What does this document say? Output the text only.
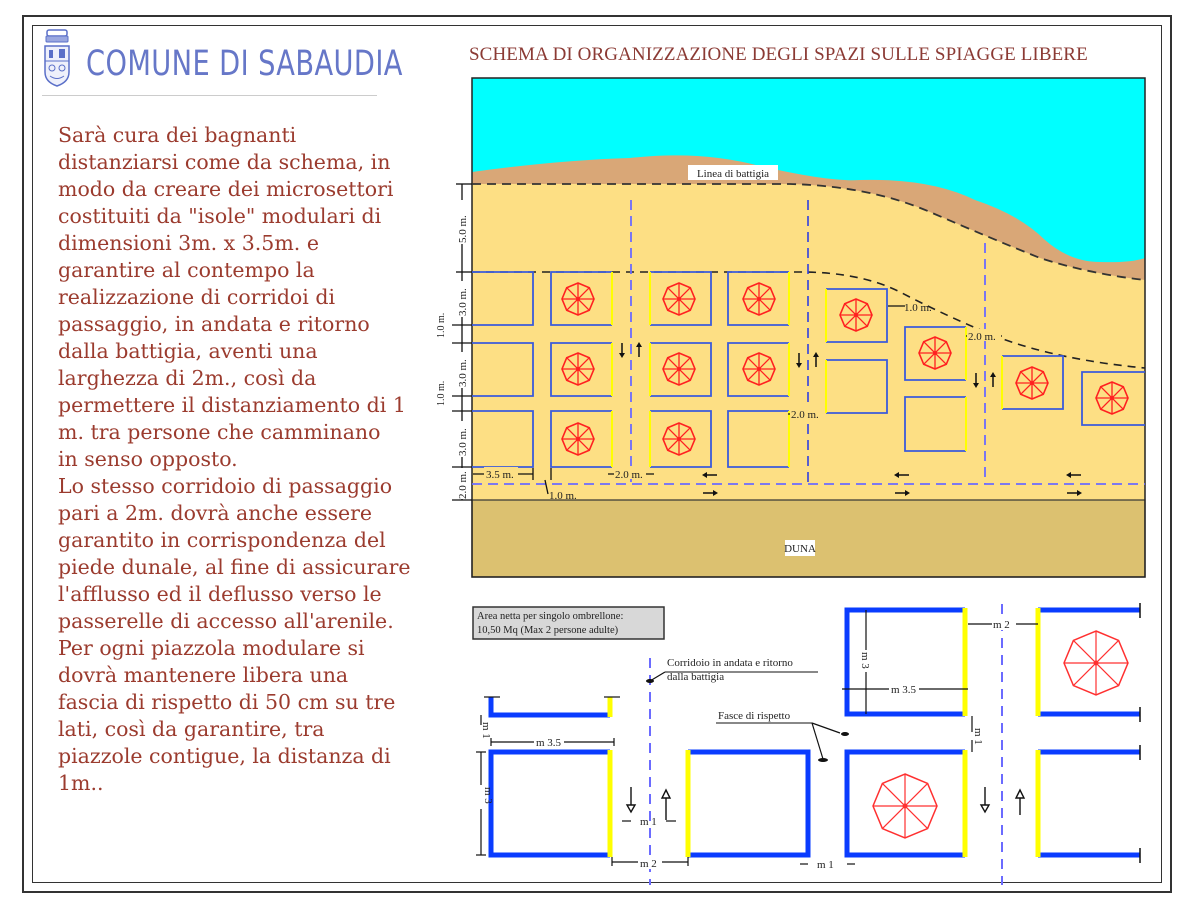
COMUNE DI SABAUDIA
Sarà cura dei bagnanti
distanziarsi come da schema, in
modo da creare dei microsettori
costituiti da "isole" modulari di
dimensioni 3m. x 3.5m. e
garantire al contempo la
realizzazione di corridoi di
passaggio, in andata e ritorno
dalla battigia, aventi una
larghezza di 2m., così da
permettere il distanziamento di 1
m. tra persone che camminano
in senso opposto.
Lo stesso corridoio di passaggio
pari a 2m. dovrà anche essere
garantito in corrispondenza del
piede dunale, al fine di assicurare
l'afflusso ed il deflusso verso le
passerelle di accesso all'arenile.
Per ogni piazzola modulare si
dovrà mantenere libera una
fascia di rispetto di 50 cm su tre
lati, così da garantire, tra
piazzole contigue, la distanza di
1m..
SCHEMA DI ORGANIZZAZIONE DEGLI SPAZI SULLE SPIAGGE LIBERE
Linea di battigia
DUNA
5.0 m.
3.0 m.
1.0 m.
3.0 m.
1.0 m.
3.0 m.
2.0 m. 3.5 m.
1.0 m.
2.0 m.
2.0 m.
1.0 m.
2.0 m.
Area netta per singolo ombrellone:
10,50 Mq (Max 2 persone adulte)
Corridoio in andata e ritorno
dalla battigia
Fasce di rispetto
m 3.5
m 3
m 1
m 1
m 2	m 1
m 3.5
m 3
m 2
m 1
